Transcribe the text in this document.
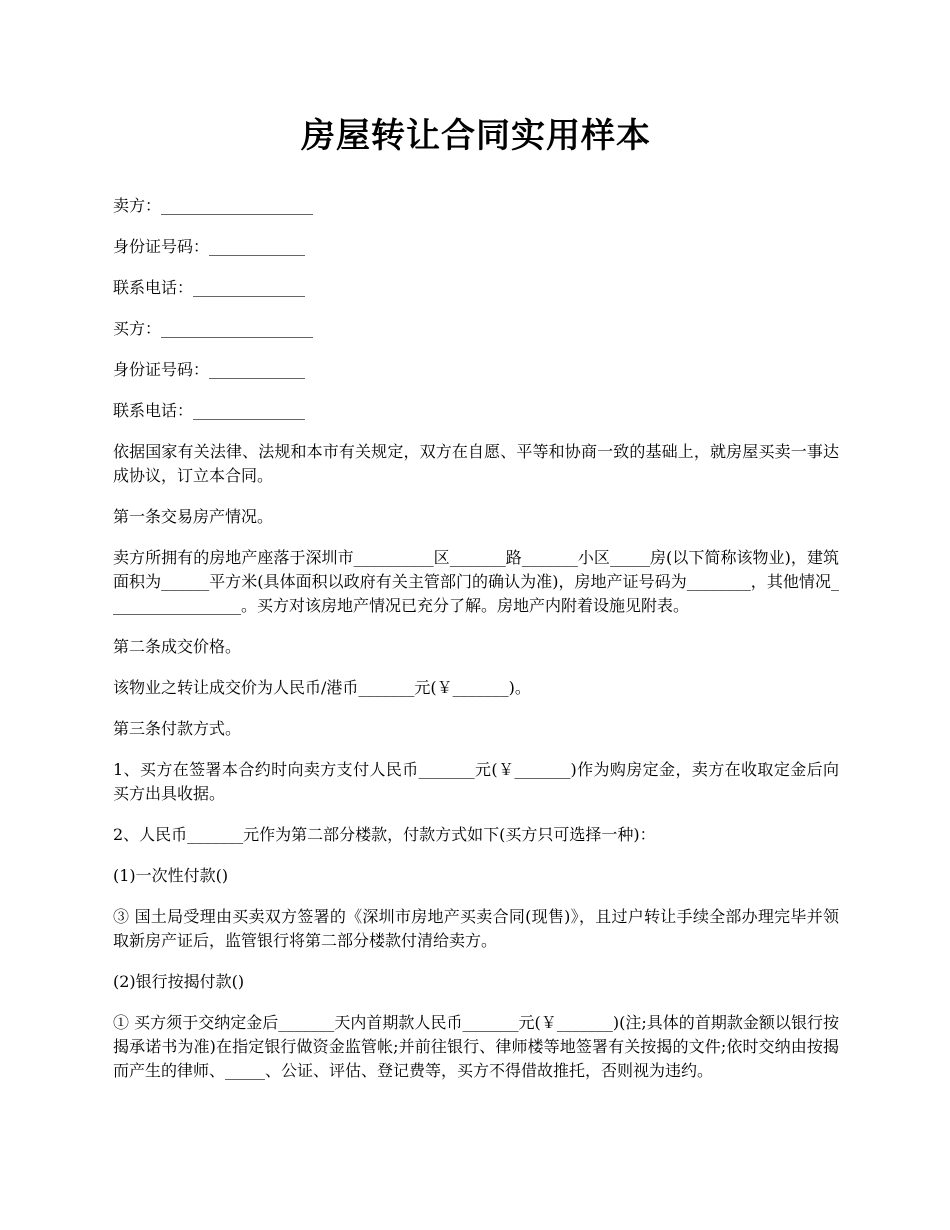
房屋转让合同实用样本

卖方：___________________

身份证号码：____________

联系电话：______________

买方：___________________

身份证号码：____________

联系电话：______________

依据国家有关法律、法规和本市有关规定，双方在自愿、平等和协商一致的基础上，就房屋买卖一事达成协议，订立本合同。

第一条交易房产情况。

卖方所拥有的房地产座落于深圳市__________区_______路_______小区_____房(以下简称该物业)，建筑面积为______平方米(具体面积以政府有关主管部门的确认为准)，房地产证号码为________，其他情况_________________。买方对该房地产情况已充分了解。房地产内附着设施见附表。

第二条成交价格。

该物业之转让成交价为人民币/港币_______元(￥_______)。

第三条付款方式。

1、买方在签署本合约时向卖方支付人民币_______元(￥_______)作为购房定金，卖方在收取定金后向买方出具收据。

2、人民币_______元作为第二部分楼款，付款方式如下(买方只可选择一种)：

(1)一次性付款()

③ 国土局受理由买卖双方签署的《深圳市房地产买卖合同(现售)》，且过户转让手续全部办理完毕并领取新房产证后，监管银行将第二部分楼款付清给卖方。

(2)银行按揭付款()

① 买方须于交纳定金后_______天内首期款人民币_______元(￥_______)(注;具体的首期款金额以银行按揭承诺书为准)在指定银行做资金监管帐;并前往银行、律师楼等地签署有关按揭的文件;依时交纳由按揭而产生的律师、_____、公证、评估、登记费等，买方不得借故推托，否则视为违约。
